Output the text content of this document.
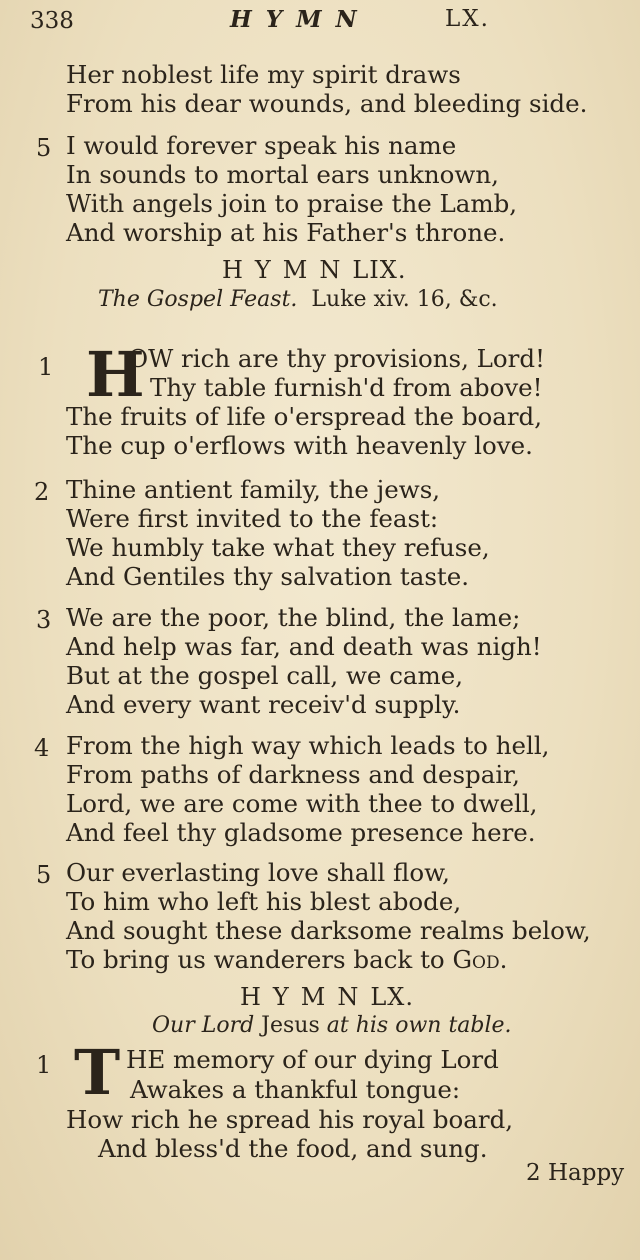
338	HYMN	LX.
Her noblest life my spirit draws
From his dear wounds, and bleeding side.
5 I would forever speak his name
In sounds to mortal ears unknown,
With angels join to praise the Lamb,
And worship at his Father's throne.
HYMNLIX.
The Gospel Feast. Luke xiv. 16, &c.
1 H
OW rich are thy provisions, Lord!
Thy table furnish'd from above!
The fruits of life o'erspread the board,
The cup o'erflows with heavenly love.
2 Thine antient family, the jews,
Were first invited to the feast:
We humbly take what they refuse,
And Gentiles thy salvation taste.
3 We are the poor, the blind, the lame;
And help was far, and death was nigh!
But at the gospel call, we came,
And every want receiv'd supply.
4 From the high way which leads to hell,
From paths of darkness and despair,
Lord, we are come with thee to dwell,
And feel thy gladsome presence here.
5 Our everlasting love shall flow,
To him who left his blest abode,
And sought these darksome realms below,
To bring us wanderers back to God.
HYMNLX.
Our Lord Jesus at his own table.
1 T HE memory of our dying Lord
Awakes a thankful tongue:
How rich he spread his royal board,
And bless'd the food, and sung.
2 Happy
